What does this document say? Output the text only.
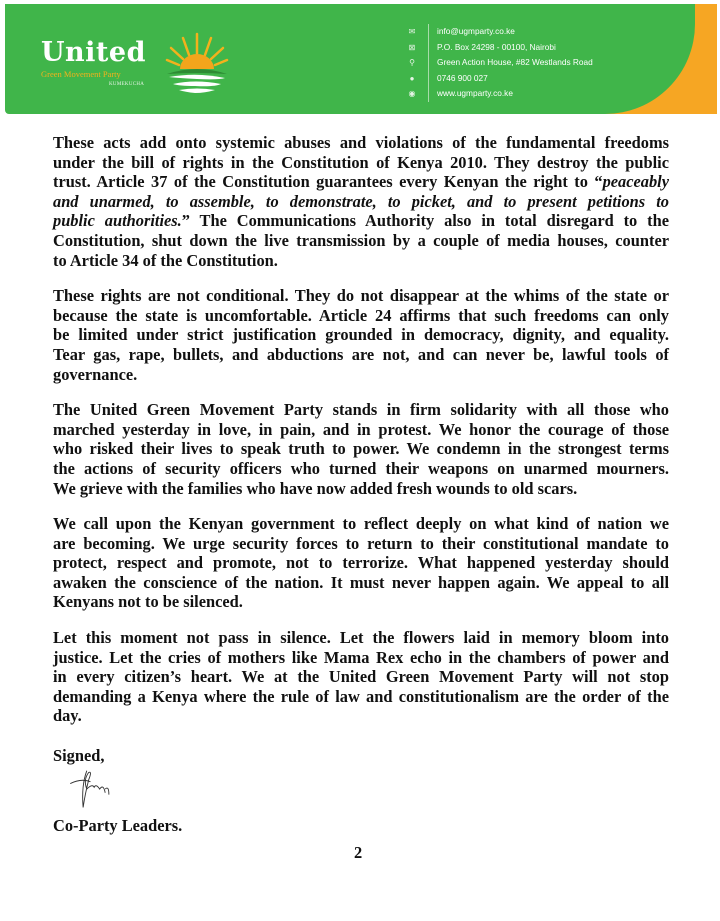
United
Green Movement Party
KUMEKUCHA
✉	info@ugmparty.co.ke
⊠	P.O. Box 24298 - 00100, Nairobi
⚲	Green Action House, #82 Westlands Road
●	0746 900 027
◉	www.ugmparty.co.ke
These acts add onto systemic abuses and violations of the fundamental freedoms
under the bill of rights in the Constitution of Kenya 2010. They destroy the public
trust. Article 37 of the Constitution guarantees every Kenyan the right to “peaceably
and unarmed, to assemble, to demonstrate, to picket, and to present petitions to
public authorities.” The Communications Authority also in total disregard to the
Constitution, shut down the live transmission by a couple of media houses, counter
to Article 34 of the Constitution.
These rights are not conditional. They do not disappear at the whims of the state or
because the state is uncomfortable. Article 24 affirms that such freedoms can only
be limited under strict justification grounded in democracy, dignity, and equality.
Tear gas, rape, bullets, and abductions are not, and can never be, lawful tools of
governance.
The United Green Movement Party stands in firm solidarity with all those who
marched yesterday in love, in pain, and in protest. We honor the courage of those
who risked their lives to speak truth to power. We condemn in the strongest terms
the actions of security officers who turned their weapons on unarmed mourners.
We grieve with the families who have now added fresh wounds to old scars.
We call upon the Kenyan government to reflect deeply on what kind of nation we
are becoming. We urge security forces to return to their constitutional mandate to
protect, respect and promote, not to terrorize. What happened yesterday should
awaken the conscience of the nation. It must never happen again. We appeal to all
Kenyans not to be silenced.
Let this moment not pass in silence. Let the flowers laid in memory bloom into
justice. Let the cries of mothers like Mama Rex echo in the chambers of power and
in every citizen’s heart. We at the United Green Movement Party will not stop
demanding a Kenya where the rule of law and constitutionalism are the order of the
day.
Signed,
Co-Party Leaders.
2
